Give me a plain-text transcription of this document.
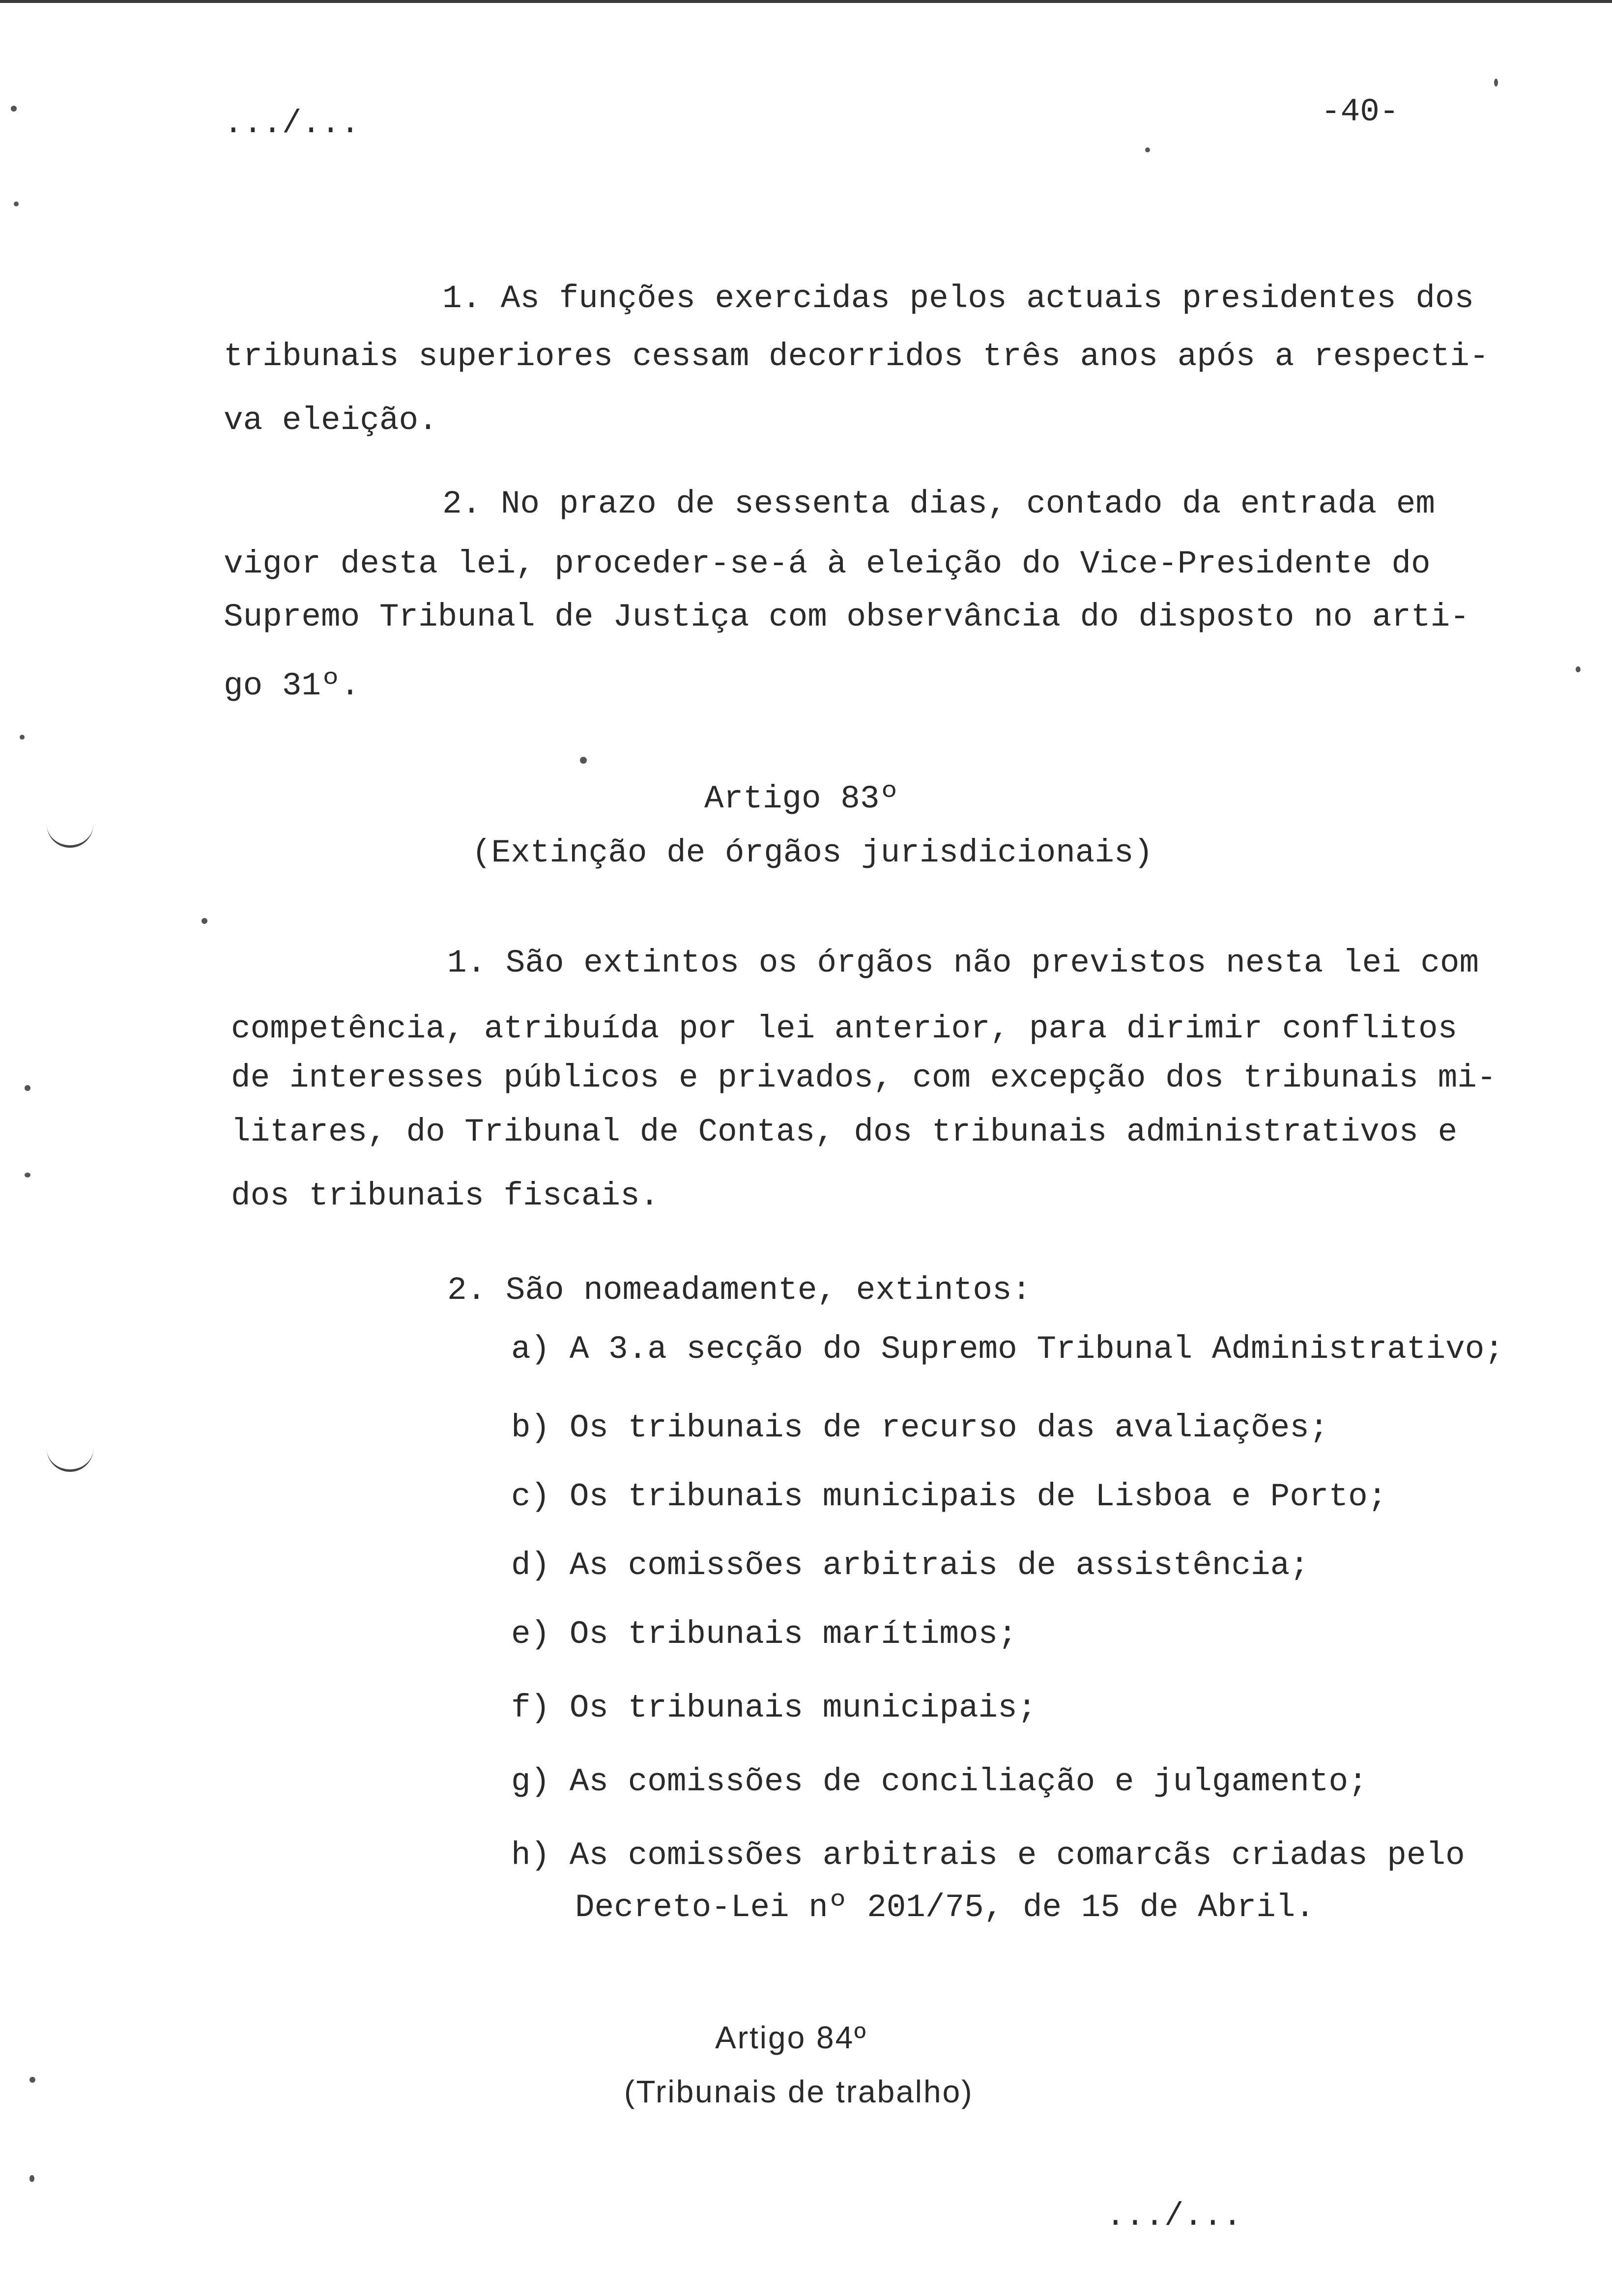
.../...	-40-
1. As funções exercidas pelos actuais presidentes dos
tribunais superiores cessam decorridos três anos após a respecti-
va eleição.
2. No prazo de sessenta dias, contado da entrada em
vigor desta lei, proceder-se-á à eleição do Vice-Presidente do
Supremo Tribunal de Justiça com observância do disposto no arti-
go 31º.
Artigo 83º
(Extinção de órgãos jurisdicionais)
1. São extintos os órgãos não previstos nesta lei com
competência, atribuída por lei anterior, para dirimir conflitos
de interesses públicos e privados, com excepção dos tribunais mi-
litares, do Tribunal de Contas, dos tribunais administrativos e
dos tribunais fiscais.
2. São nomeadamente, extintos:
a) A 3.a secção do Supremo Tribunal Administrativo;
b) Os tribunais de recurso das avaliações;
c) Os tribunais municipais de Lisboa e Porto;
d) As comissões arbitrais de assistência;
e) Os tribunais marítimos;
f) Os tribunais municipais;
g) As comissões de conciliação e julgamento;
h) As comissões arbitrais e comarcãs criadas pelo
Decreto-Lei nº 201/75, de 15 de Abril.
Artigo 84º
(Tribunais de trabalho)
.../...
